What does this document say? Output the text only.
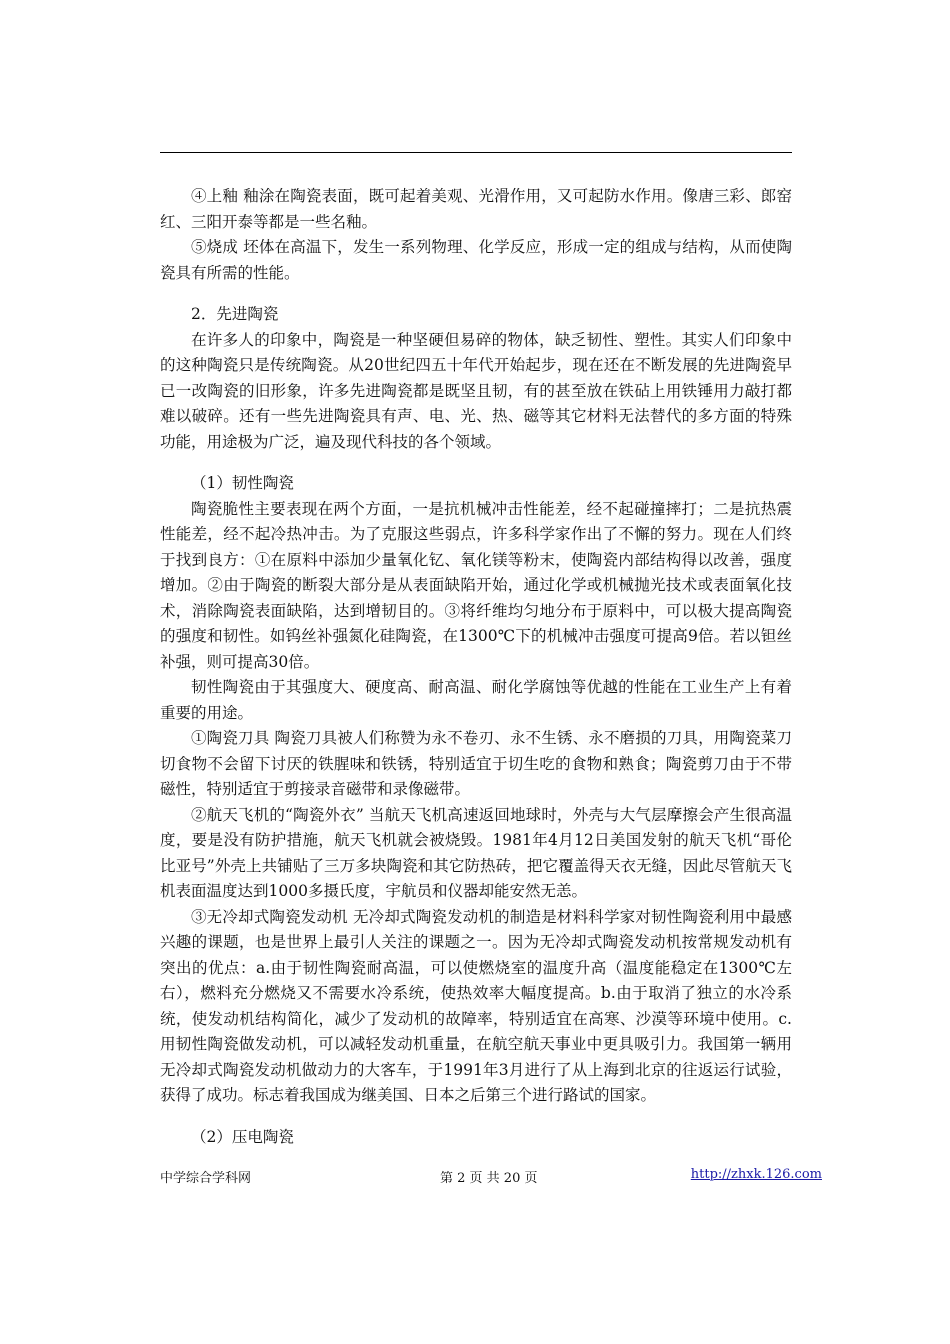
④上釉 釉涂在陶瓷表面，既可起着美观、光滑作用，又可起防水作用。像唐三彩、郎窑红、三阳开泰等都是一些名釉。

⑤烧成 坯体在高温下，发生一系列物理、化学反应，形成一定的组成与结构，从而使陶瓷具有所需的性能。

2．先进陶瓷

在许多人的印象中，陶瓷是一种坚硬但易碎的物体，缺乏韧性、塑性。其实人们印象中的这种陶瓷只是传统陶瓷。从20世纪四五十年代开始起步，现在还在不断发展的先进陶瓷早已一改陶瓷的旧形象，许多先进陶瓷都是既坚且韧，有的甚至放在铁砧上用铁锤用力敲打都难以破碎。还有一些先进陶瓷具有声、电、光、热、磁等其它材料无法替代的多方面的特殊功能，用途极为广泛，遍及现代科技的各个领域。

（1）韧性陶瓷

陶瓷脆性主要表现在两个方面，一是抗机械冲击性能差，经不起碰撞摔打；二是抗热震性能差，经不起冷热冲击。为了克服这些弱点，许多科学家作出了不懈的努力。现在人们终于找到良方：①在原料中添加少量氧化钇、氧化镁等粉末，使陶瓷内部结构得以改善，强度增加。②由于陶瓷的断裂大部分是从表面缺陷开始，通过化学或机械抛光技术或表面氧化技术，消除陶瓷表面缺陷，达到增韧目的。③将纤维均匀地分布于原料中，可以极大提高陶瓷的强度和韧性。如钨丝补强氮化硅陶瓷，在1300℃下的机械冲击强度可提高9倍。若以钽丝补强，则可提高30倍。

韧性陶瓷由于其强度大、硬度高、耐高温、耐化学腐蚀等优越的性能在工业生产上有着重要的用途。

①陶瓷刀具 陶瓷刀具被人们称赞为永不卷刃、永不生锈、永不磨损的刀具，用陶瓷菜刀切食物不会留下讨厌的铁腥味和铁锈，特别适宜于切生吃的食物和熟食；陶瓷剪刀由于不带磁性，特别适宜于剪接录音磁带和录像磁带。

②航天飞机的“陶瓷外衣” 当航天飞机高速返回地球时，外壳与大气层摩擦会产生很高温度，要是没有防护措施，航天飞机就会被烧毁。1981年4月12日美国发射的航天飞机“哥伦比亚号”外壳上共铺贴了三万多块陶瓷和其它防热砖，把它覆盖得天衣无缝，因此尽管航天飞机表面温度达到1000多摄氏度，宇航员和仪器却能安然无恙。

③无冷却式陶瓷发动机 无冷却式陶瓷发动机的制造是材料科学家对韧性陶瓷利用中最感兴趣的课题，也是世界上最引人关注的课题之一。因为无冷却式陶瓷发动机按常规发动机有突出的优点：a.由于韧性陶瓷耐高温，可以使燃烧室的温度升高（温度能稳定在1300℃左右），燃料充分燃烧又不需要水冷系统，使热效率大幅度提高。b.由于取消了独立的水冷系统，使发动机结构简化，减少了发动机的故障率，特别适宜在高寒、沙漠等环境中使用。c.用韧性陶瓷做发动机，可以减轻发动机重量，在航空航天事业中更具吸引力。我国第一辆用无冷却式陶瓷发动机做动力的大客车，于1991年3月进行了从上海到北京的往返运行试验，获得了成功。标志着我国成为继美国、日本之后第三个进行路试的国家。

（2）压电陶瓷

中学综合学科网	第 2 页 共 20 页	http://zhxk.126.com
